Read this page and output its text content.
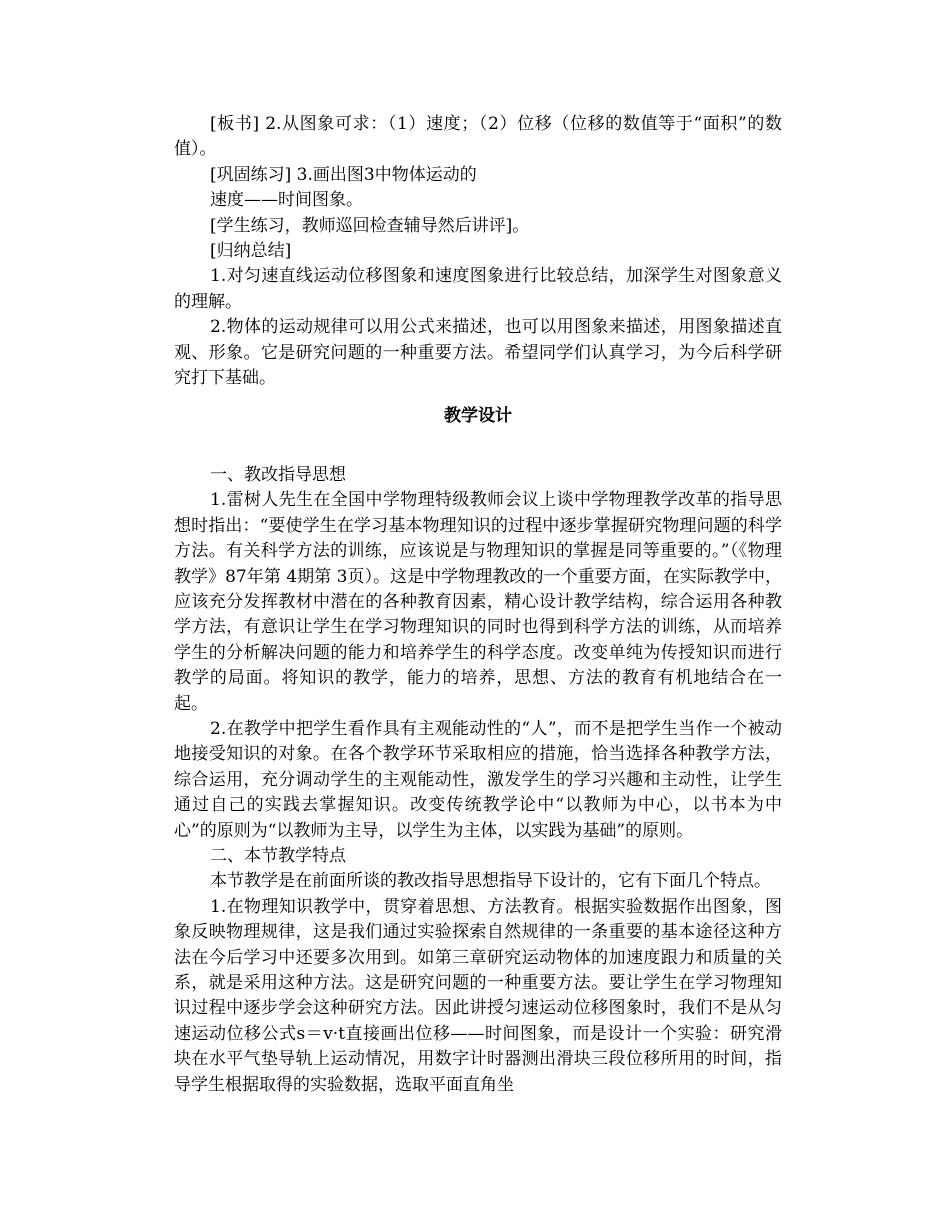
[板书] 2.从图象可求：（1）速度；（2）位移（位移的数值等于“面积”的数值）。

[巩固练习] 3.画出图3中物体运动的

速度——时间图象。

[学生练习，教师巡回检查辅导然后讲评]。

[归纳总结]

1.对匀速直线运动位移图象和速度图象进行比较总结，加深学生对图象意义的理解。

2.物体的运动规律可以用公式来描述，也可以用图象来描述，用图象描述直观、形象。它是研究问题的一种重要方法。希望同学们认真学习，为今后科学研究打下基础。

教学设计

一、教改指导思想

1.雷树人先生在全国中学物理特级教师会议上谈中学物理教学改革的指导思想时指出：“要使学生在学习基本物理知识的过程中逐步掌握研究物理问题的科学方法。有关科学方法的训练，应该说是与物理知识的掌握是同等重要的。”（《物理教学》87年第 4期第 3页）。这是中学物理教改的一个重要方面，在实际教学中，应该充分发挥教材中潜在的各种教育因素，精心设计教学结构，综合运用各种教学方法，有意识让学生在学习物理知识的同时也得到科学方法的训练，从而培养学生的分析解决问题的能力和培养学生的科学态度。改变单纯为传授知识而进行教学的局面。将知识的教学，能力的培养，思想、方法的教育有机地结合在一起。

2.在教学中把学生看作具有主观能动性的“人”，而不是把学生当作一个被动地接受知识的对象。在各个教学环节采取相应的措施，恰当选择各种教学方法，综合运用，充分调动学生的主观能动性，激发学生的学习兴趣和主动性，让学生通过自己的实践去掌握知识。改变传统教学论中“以教师为中心，以书本为中心”的原则为“以教师为主导，以学生为主体，以实践为基础”的原则。

二、本节教学特点

本节教学是在前面所谈的教改指导思想指导下设计的，它有下面几个特点。

1.在物理知识教学中，贯穿着思想、方法教育。根据实验数据作出图象，图象反映物理规律，这是我们通过实验探索自然规律的一条重要的基本途径这种方法在今后学习中还要多次用到。如第三章研究运动物体的加速度跟力和质量的关系，就是采用这种方法。这是研究问题的一种重要方法。要让学生在学习物理知识过程中逐步学会这种研究方法。因此讲授匀速运动位移图象时，我们不是从匀速运动位移公式s＝v·t直接画出位移——时间图象，而是设计一个实验：研究滑块在水平气垫导轨上运动情况，用数字计时器测出滑块三段位移所用的时间，指导学生根据取得的实验数据，选取平面直角坐
